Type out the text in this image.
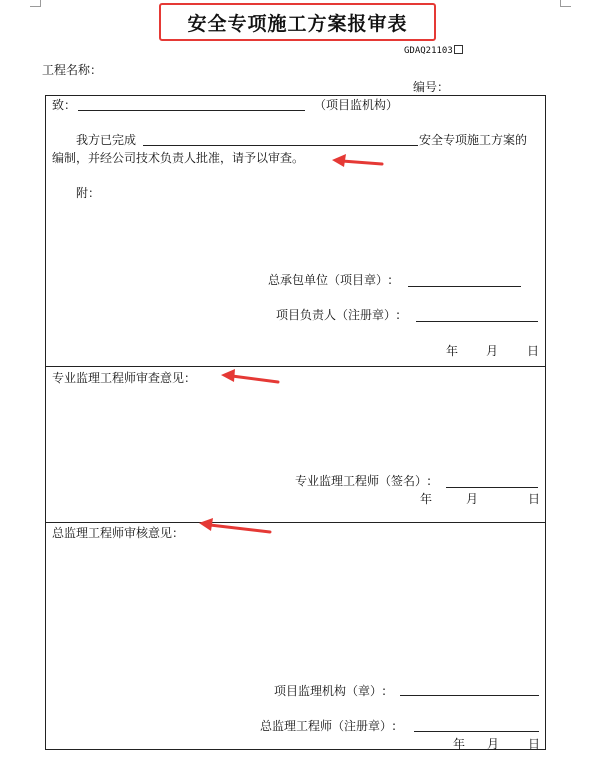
安全专项施工方案报审表
GDAQ21103
工程名称：
编号：
致：	（项目监机构）
我方已完成	安全专项施工方案的
编制，并经公司技术负责人批准，请予以审查。
附：
总承包单位（项目章）:
项目负责人（注册章）:
年 月 日
专业监理工程师审查意见：
专业监理工程师（签名）:
年	月	日
总监理工程师审核意见：
项目监理机构（章）:
总监理工程师（注册章）:
年 月 日
